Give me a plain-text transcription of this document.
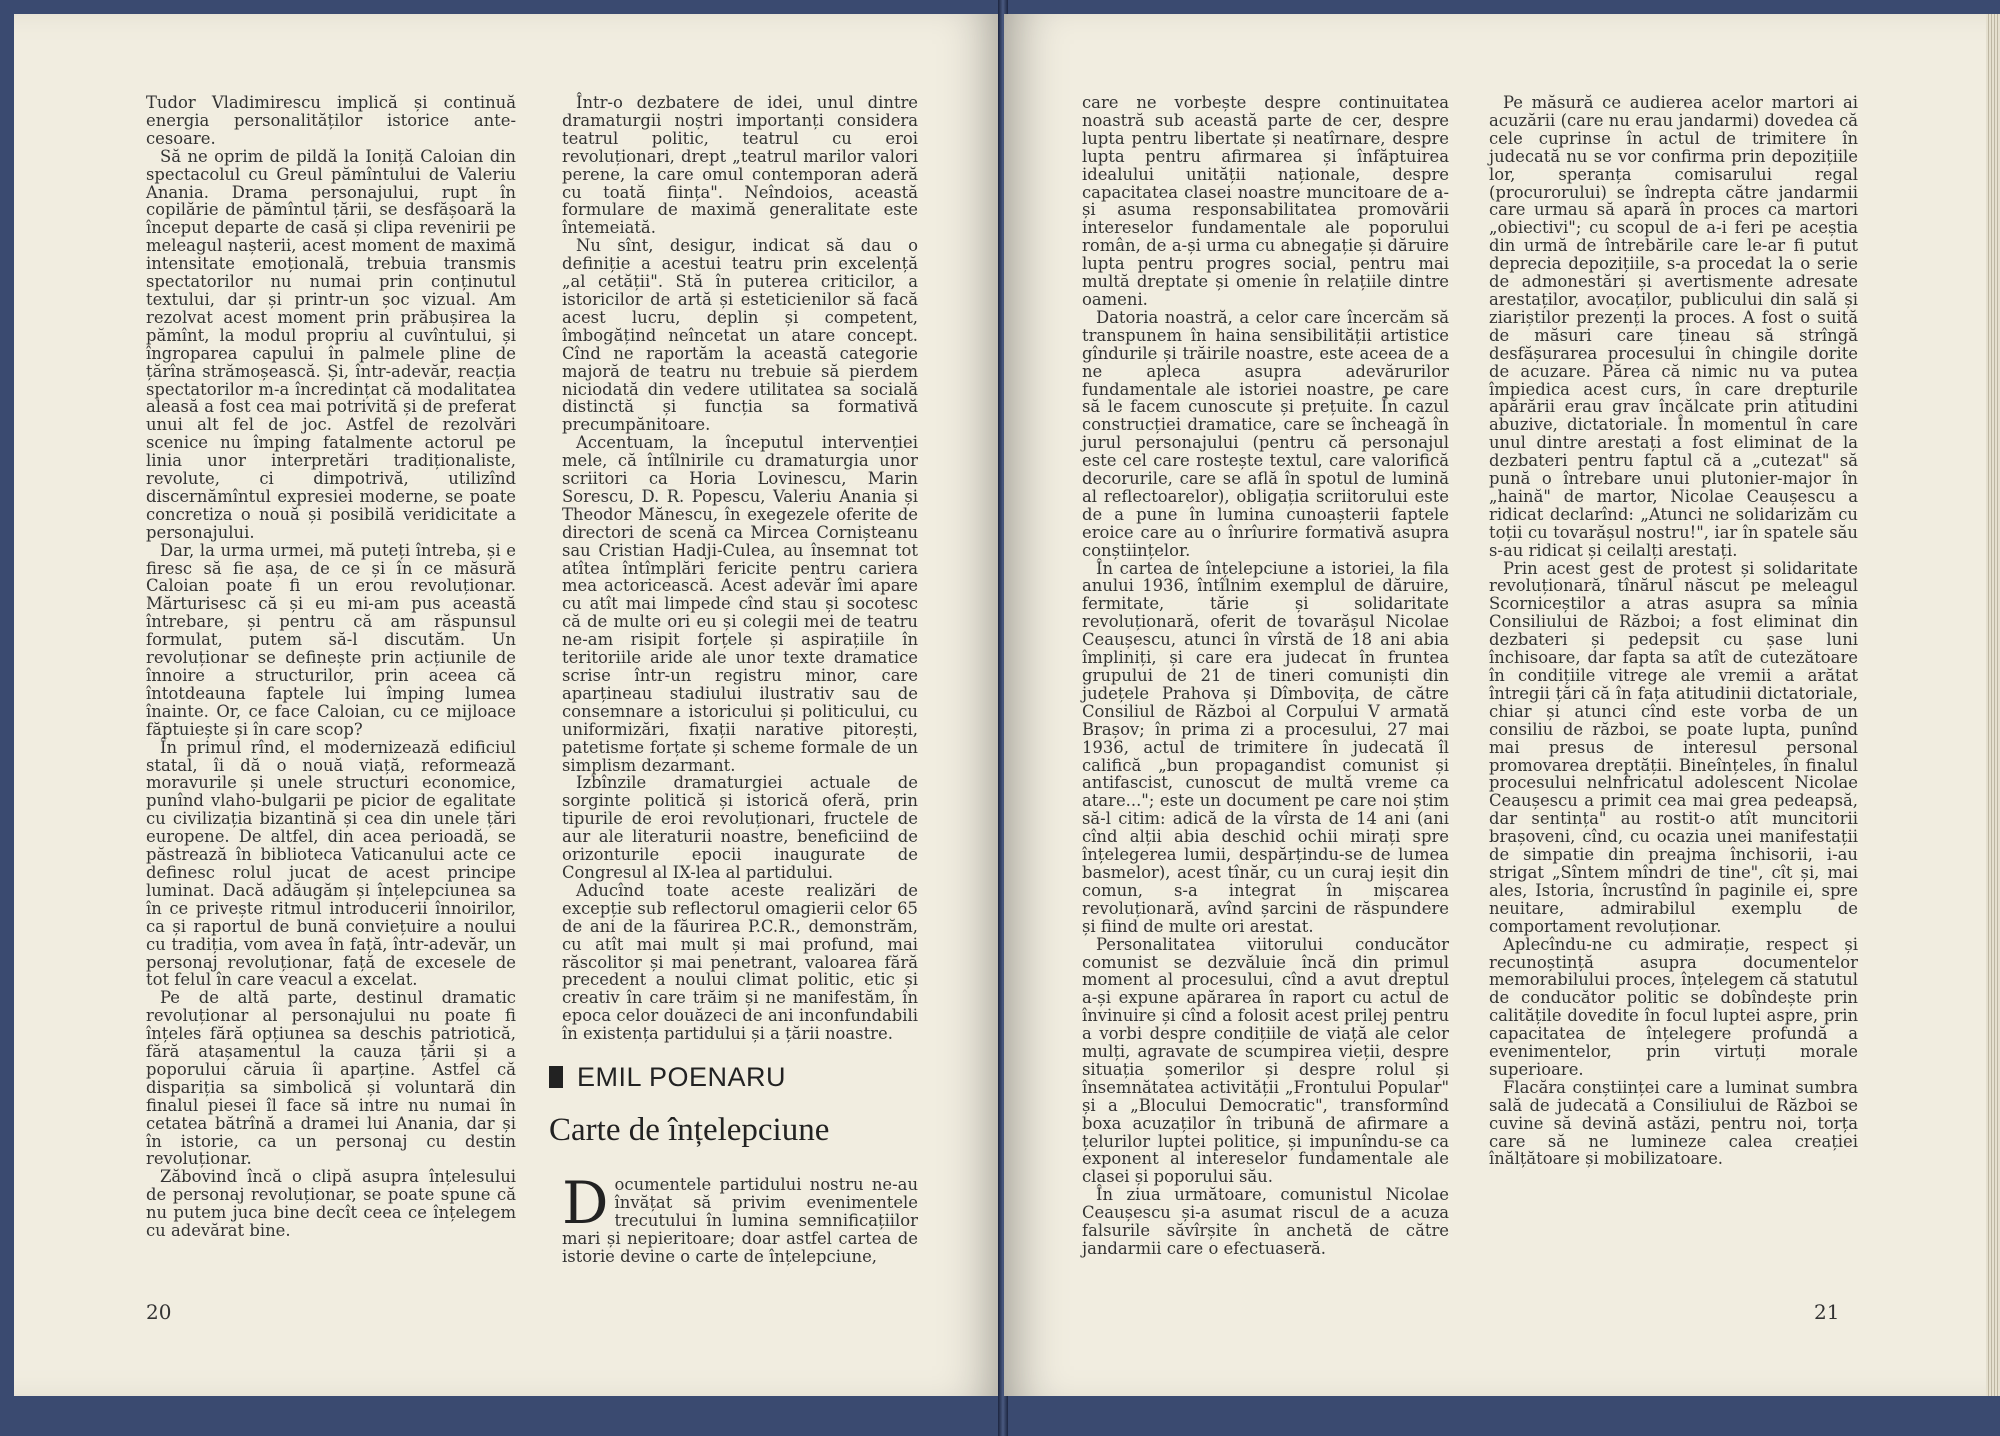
Tudor Vladimirescu implică și continuă energia personalităților istorice ante-cesoare.

Să ne oprim de pildă la Ioniță Caloian din spectacolul cu Greul pămîntului de Valeriu Anania. Drama personajului, rupt în copilărie de pămîntul țării, se desfășoară la început departe de casă și clipa revenirii pe meleagul nașterii, acest moment de maximă intensitate emoțională, trebuia transmis spectatorilor nu numai prin conținutul textului, dar și printr-un șoc vizual. Am rezolvat acest moment prin prăbușirea la pămînt, la modul propriu al cuvîntului, și îngroparea capului în palmele pline de țărîna strămoșească. Și, într-adevăr, reacția spectatorilor m-a încredințat că modalitatea aleasă a fost cea mai potrivită și de preferat unui alt fel de joc. Astfel de rezolvări scenice nu împing fatalmente actorul pe linia unor interpretări tradiționaliste, revolute, ci dimpotrivă, utilizînd discernămîntul expresiei moderne, se poate concretiza o nouă și posibilă veridicitate a personajului.

Dar, la urma urmei, mă puteți întreba, și e firesc să fie așa, de ce și în ce măsură Caloian poate fi un erou revoluționar. Mărturisesc că și eu mi-am pus această întrebare, și pentru că am răspunsul formulat, putem să-l discutăm. Un revoluționar se definește prin acțiunile de înnoire a structurilor, prin aceea că întotdeauna faptele lui împing lumea înainte. Or, ce face Caloian, cu ce mijloace făptuiește și în care scop?

În primul rînd, el modernizează edificiul statal, îi dă o nouă viață, reformează moravurile și unele structuri economice, punînd vlaho-bulgarii pe picior de egalitate cu civilizația bizantină și cea din unele țări europene. De altfel, din acea perioadă, se păstrează în biblioteca Vaticanului acte ce definesc rolul jucat de acest principe luminat. Dacă adăugăm și înțelepciunea sa în ce privește ritmul introducerii înnoirilor, ca și raportul de bună conviețuire a noului cu tradiția, vom avea în față, într-adevăr, un personaj revoluționar, față de excesele de tot felul în care veacul a excelat.

Pe de altă parte, destinul dramatic revoluționar al personajului nu poate fi înțeles fără opțiunea sa deschis patriotică, fără atașamentul la cauza țării și a poporului căruia îi aparține. Astfel că dispariția sa simbolică și voluntară din finalul piesei îl face să intre nu numai în cetatea bătrînă a dramei lui Anania, dar și în istorie, ca un personaj cu destin revoluționar.

Zăbovind încă o clipă asupra înțelesului de personaj revoluționar, se poate spune că nu putem juca bine decît ceea ce înțelegem cu adevărat bine.

Într-o dezbatere de idei, unul dintre dramaturgii noștri importanți considera teatrul politic, teatrul cu eroi revoluționari, drept „teatrul marilor valori perene, la care omul contemporan aderă cu toată ființa". Neîndoios, această formulare de maximă generalitate este întemeiată.

Nu sînt, desigur, indicat să dau o definiție a acestui teatru prin excelență „al cetății". Stă în puterea criticilor, a istoricilor de artă și esteticienilor să facă acest lucru, deplin și competent, îmbogățind neîncetat un atare concept. Cînd ne raportăm la această categorie majoră de teatru nu trebuie să pierdem niciodată din vedere utilitatea sa socială distinctă și funcția sa formativă precumpănitoare.

Accentuam, la începutul intervenției mele, că întîlnirile cu dramaturgia unor scriitori ca Horia Lovinescu, Marin Sorescu, D. R. Popescu, Valeriu Anania și Theodor Mănescu, în exegezele oferite de directori de scenă ca Mircea Cornișteanu sau Cristian Hadji-Culea, au însemnat tot atîtea întîmplări fericite pentru cariera mea actoricească. Acest adevăr îmi apare cu atît mai limpede cînd stau și socotesc că de multe ori eu și colegii mei de teatru ne-am risipit forțele și aspirațiile în teritoriile aride ale unor texte dramatice scrise într-un registru minor, care aparțineau stadiului ilustrativ sau de consemnare a istoricului și politicului, cu uniformizări, fixații narative pitorești, patetisme forțate și scheme formale de un simplism dezarmant.

Izbînzile dramaturgiei actuale de sorginte politică și istorică oferă, prin tipurile de eroi revoluționari, fructele de aur ale literaturii noastre, beneficiind de orizonturile epocii inaugurate de Congresul al IX-lea al partidului.

Aducînd toate aceste realizări de excepție sub reflectorul omagierii celor 65 de ani de la făurirea P.C.R., demonstrăm, cu atît mai mult și mai profund, mai răscolitor și mai penetrant, valoarea fără precedent a noului climat politic, etic și creativ în care trăim și ne manifestăm, în epoca celor douăzeci de ani inconfundabili în existența partidului și a țării noastre.

EMIL POENARU
Carte de înțelepciune

Documentele partidului nostru ne-au învățat să privim evenimentele trecutului în lumina semnificațiilor mari și nepieritoare; doar astfel cartea de istorie devine o carte de înțelepciune,

20

care ne vorbește despre continuitatea noastră sub această parte de cer, despre lupta pentru libertate și neatîrnare, despre lupta pentru afirmarea și înfăptuirea idealului unității naționale, despre capacitatea clasei noastre muncitoare de a-și asuma responsabilitatea promovării intereselor fundamentale ale poporului român, de a-și urma cu abnegație și dăruire lupta pentru progres social, pentru mai multă dreptate și omenie în relațiile dintre oameni.

Datoria noastră, a celor care încercăm să transpunem în haina sensibilității artistice gîndurile și trăirile noastre, este aceea de a ne apleca asupra adevărurilor fundamentale ale istoriei noastre, pe care să le facem cunoscute și prețuite. În cazul construcției dramatice, care se încheagă în jurul personajului (pentru că personajul este cel care rostește textul, care valorifică decorurile, care se află în spotul de lumină al reflectoarelor), obligația scriitorului este de a pune în lumina cunoașterii faptele eroice care au o înrîurire formativă asupra conștiințelor.

În cartea de înțelepciune a istoriei, la fila anului 1936, întîlnim exemplul de dăruire, fermitate, tărie și solidaritate revoluționară, oferit de tovarășul Nicolae Ceaușescu, atunci în vîrstă de 18 ani abia împliniți, și care era judecat în fruntea grupului de 21 de tineri comuniști din județele Prahova și Dîmbovița, de către Consiliul de Război al Corpului V armată Brașov; în prima zi a procesului, 27 mai 1936, actul de trimitere în judecată îl califică „bun propagandist comunist și antifascist, cunoscut de multă vreme ca atare..."; este un document pe care noi știm să-l citim: adică de la vîrsta de 14 ani (ani cînd alții abia deschid ochii mirați spre înțelegerea lumii, despărțindu-se de lumea basmelor), acest tînăr, cu un curaj ieșit din comun, s-a integrat în mișcarea revoluționară, avînd șarcini de răspundere și fiind de multe ori arestat.

Personalitatea viitorului conducător comunist se dezvăluie încă din primul moment al procesului, cînd a avut dreptul a-și expune apărarea în raport cu actul de învinuire și cînd a folosit acest prilej pentru a vorbi despre condițiile de viață ale celor mulți, agravate de scumpirea vieții, despre situația șomerilor și despre rolul și însemnătatea activității „Frontului Popular" și a „Blocului Democratic", transformînd boxa acuzaților în tribună de afirmare a țelurilor luptei politice, și impunîndu-se ca exponent al intereselor fundamentale ale clasei și poporului său.

În ziua următoare, comunistul Nicolae Ceaușescu și-a asumat riscul de a acuza falsurile săvîrșite în anchetă de către jandarmii care o efectuaseră.

Pe măsură ce audierea acelor martori ai acuzării (care nu erau jandarmi) dovedea că cele cuprinse în actul de trimitere în judecată nu se vor confirma prin depozițiile lor, speranța comisarului regal (procurorului) se îndrepta către jandarmii care urmau să apară în proces ca martori „obiectivi"; cu scopul de a-i feri pe aceștia din urmă de întrebările care le-ar fi putut deprecia depozițiile, s-a procedat la o serie de admonestări și avertismente adresate arestaților, avocaților, publicului din sală și ziariștilor prezenți la proces. A fost o suită de măsuri care țineau să strîngă desfășurarea procesului în chingile dorite de acuzare. Părea că nimic nu va putea împiedica acest curs, în care drepturile apărării erau grav încălcate prin atitudini abuzive, dictatoriale. În momentul în care unul dintre arestați a fost eliminat de la dezbateri pentru faptul că a „cutezat" să pună o întrebare unui plutonier-major în „haină" de martor, Nicolae Ceaușescu a ridicat declarînd: „Atunci ne solidarizăm cu toții cu tovarășul nostru!", iar în spatele său s-au ridicat și ceilalți arestați.

Prin acest gest de protest și solidaritate revoluționară, tînărul născut pe meleagul Scorniceștilor a atras asupra sa mînia Consiliului de Război; a fost eliminat din dezbateri și pedepsit cu șase luni închisoare, dar fapta sa atît de cutezătoare în condițiile vitrege ale vremii a arătat întregii țări că în fața atitudinii dictatoriale, chiar și atunci cînd este vorba de un consiliu de război, se poate lupta, punînd mai presus de interesul personal promovarea dreptății. Bineînțeles, în finalul procesului nelnfricatul adolescent Nicolae Ceaușescu a primit cea mai grea pedeapsă, dar sentința" au rostit-o atît muncitorii brașoveni, cînd, cu ocazia unei manifestații de simpatie din preajma închisorii, i-au strigat „Sîntem mîndri de tine", cît și, mai ales, Istoria, încrustînd în paginile ei, spre neuitare, admirabilul exemplu de comportament revoluționar.

Aplecîndu-ne cu admirație, respect și recunoștință asupra documentelor memorabilului proces, înțelegem că statutul de conducător politic se dobîndește prin calitățile dovedite în focul luptei aspre, prin capacitatea de înțelegere profundă a evenimentelor, prin virtuți morale superioare.

Flacăra conștiinței care a luminat sumbra sală de judecată a Consiliului de Război se cuvine să devină astăzi, pentru noi, torța care să ne lumineze calea creației înălțătoare și mobilizatoare.

21
